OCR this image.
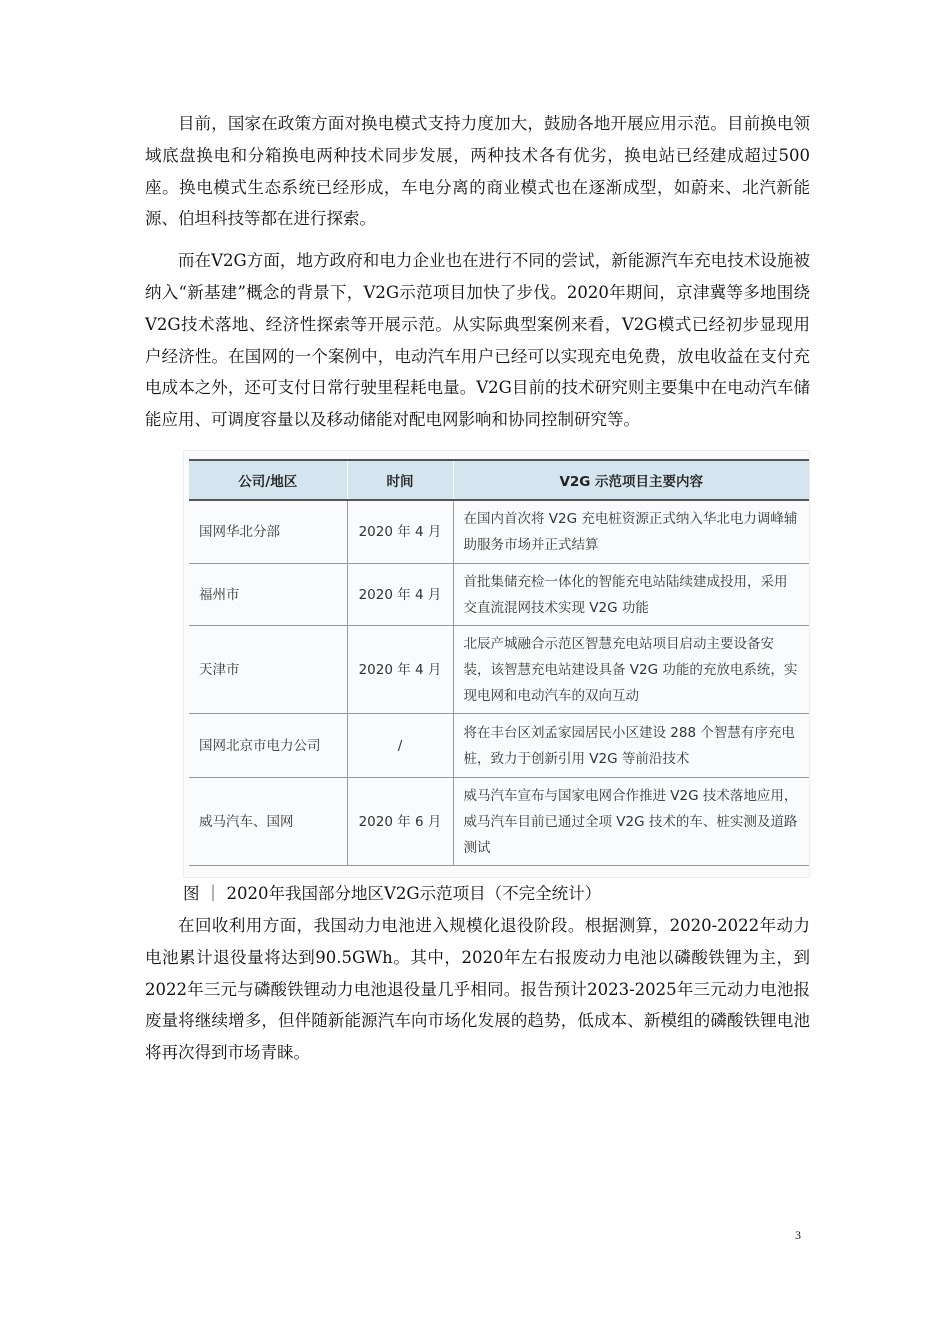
目前，国家在政策方面对换电模式支持力度加大，鼓励各地开展应用示范。目前换电领域底盘换电和分箱换电两种技术同步发展，两种技术各有优劣，换电站已经建成超过500座。换电模式生态系统已经形成，车电分离的商业模式也在逐渐成型，如蔚来、北汽新能源、伯坦科技等都在进行探索。

而在V2G方面，地方政府和电力企业也在进行不同的尝试，新能源汽车充电技术设施被纳入“新基建”概念的背景下，V2G示范项目加快了步伐。2020年期间，京津冀等多地围绕V2G技术落地、经济性探索等开展示范。从实际典型案例来看，V2G模式已经初步显现用户经济性。在国网的一个案例中，电动汽车用户已经可以实现充电免费，放电收益在支付充电成本之外，还可支付日常行驶里程耗电量。V2G目前的技术研究则主要集中在电动汽车储能应用、可调度容量以及移动储能对配电网影响和协同控制研究等。

公司/地区	时间	V2G 示范项目主要内容
国网华北分部	2020 年 4 月	在国内首次将 V2G 充电桩资源正式纳入华北电力调峰辅助服务市场并正式结算
福州市	2020 年 4 月	首批集储充检一体化的智能充电站陆续建成投用，采用交直流混网技术实现 V2G 功能
天津市	2020 年 4 月	北辰产城融合示范区智慧充电站项目启动主要设备安装，该智慧充电站建设具备 V2G 功能的充放电系统，实现电网和电动汽车的双向互动
国网北京市电力公司	/	将在丰台区刘孟家园居民小区建设 288 个智慧有序充电桩，致力于创新引用 V2G 等前沿技术
威马汽车、国网	2020 年 6 月	威马汽车宣布与国家电网合作推进 V2G 技术落地应用，威马汽车目前已通过全项 V2G 技术的车、桩实测及道路测试

图 ｜ 2020年我国部分地区V2G示范项目（不完全统计）

在回收利用方面，我国动力电池进入规模化退役阶段。根据测算，2020-2022年动力电池累计退役量将达到90.5GWh。其中，2020年左右报废动力电池以磷酸铁锂为主，到2022年三元与磷酸铁锂动力电池退役量几乎相同。报告预计2023-2025年三元动力电池报废量将继续增多，但伴随新能源汽车向市场化发展的趋势，低成本、新模组的磷酸铁锂电池将再次得到市场青睐。

3
